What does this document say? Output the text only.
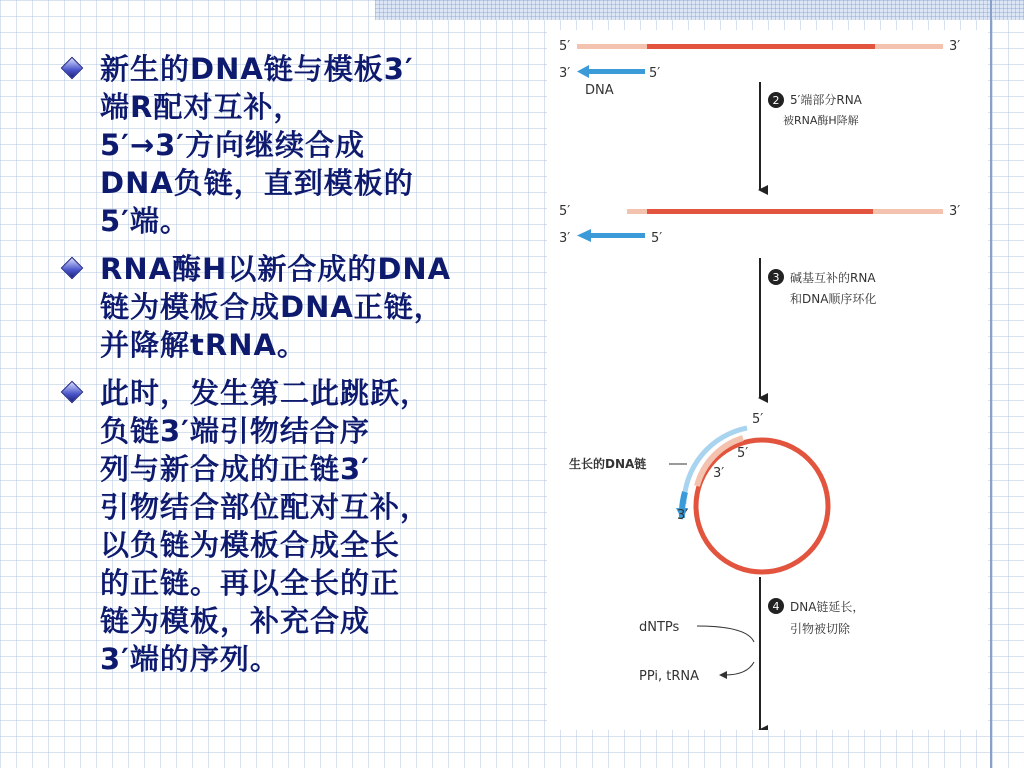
新生的DNA链与模板3′
端R配对互补，
5′→3′方向继续合成
DNA负链，直到模板的
5′端。
RNA酶H以新合成的DNA
链为模板合成DNA正链，
并降解tRNA。
此时，发生第二此跳跃，
负链3′端引物结合序
列与新合成的正链3′
引物结合部位配对互补，
以负链为模板合成全长
的正链。再以全长的正
链为模板，补充合成
3′端的序列。
5′	3′
3′	5′
DNA
2 5′端部分RNA
被RNA酶H降解
5′	3′
3′	5′
3 碱基互补的RNA
和DNA顺序环化
5′
5′
3′
3′
生长的DNA链
4 DNA链延长，
引物被切除
dNTPs
PPi, tRNA
